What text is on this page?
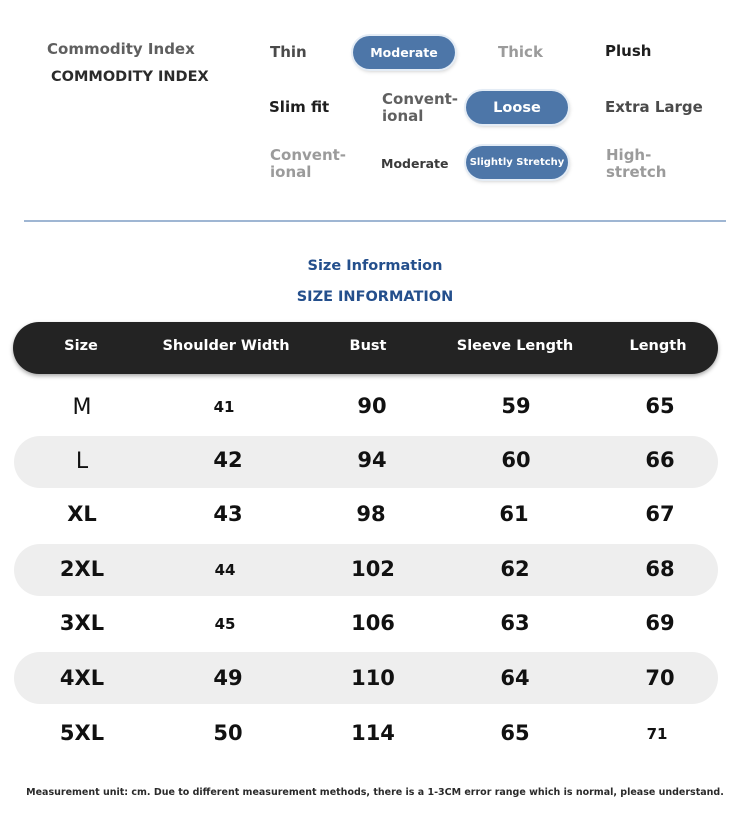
Commodity Index
COMMODITY INDEX
Thin	Moderate	Thick	Plush
Slim fit	Convent-
ional	Loose	Extra Large
Convent-
ional	Moderate	Slightly Stretchy	High-
stretch
Size Information
SIZE INFORMATION
Size	Shoulder Width	Bust	Sleeve Length	Length
M	41	90	59	65
L	42	94	60	66
XL	43	98	61	67
2XL	44	102	62	68
3XL	45	106	63	69
4XL	49	110	64	70
5XL	50	114	65	71
Measurement unit: cm. Due to different measurement methods, there is a 1-3CM error range which is normal, please understand.
